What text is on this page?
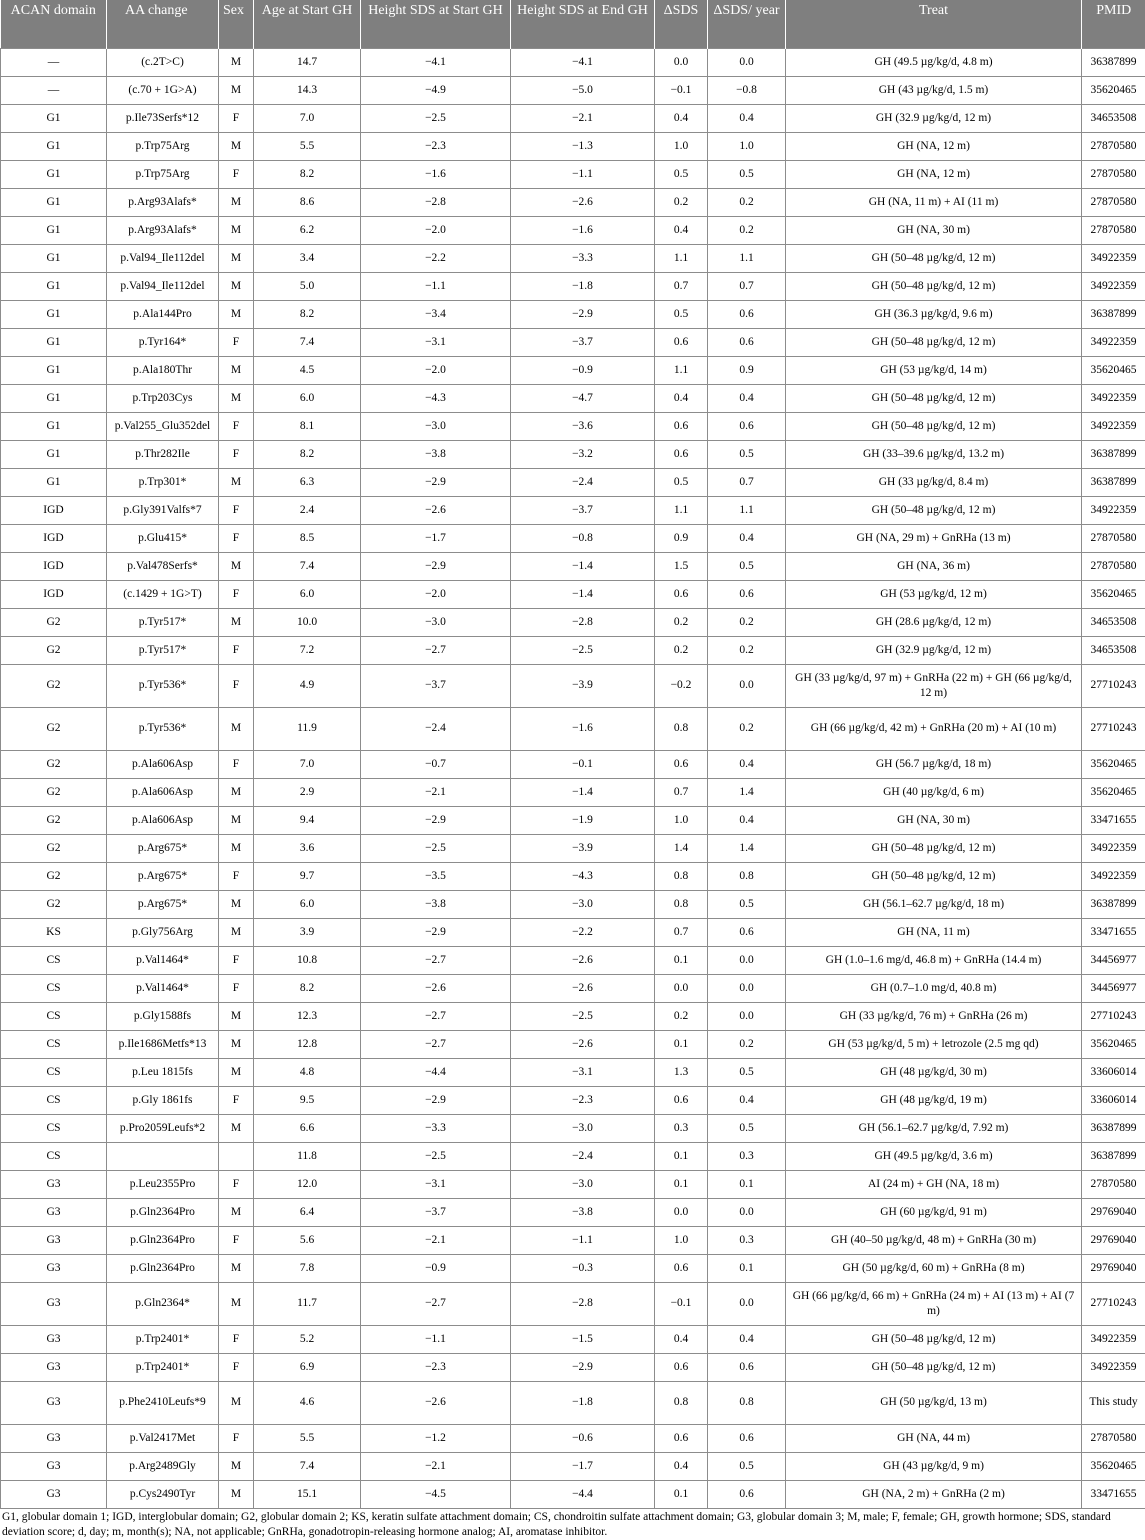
ACAN domain	AA change	Sex	Age at Start GH	Height SDS at Start GH	Height SDS at End GH	ΔSDS	ΔSDS/ year	Treat	PMID
—	(c.2T>C)	M	14.7	−4.1	−4.1	0.0	0.0	GH (49.5 µg/kg/d, 4.8 m)	36387899
—	(c.70 + 1G>A)	M	14.3	−4.9	−5.0	−0.1	−0.8	GH (43 µg/kg/d, 1.5 m)	35620465
G1	p.Ile73Serfs*12	F	7.0	−2.5	−2.1	0.4	0.4	GH (32.9 µg/kg/d, 12 m)	34653508
G1	p.Trp75Arg	M	5.5	−2.3	−1.3	1.0	1.0	GH (NA, 12 m)	27870580
G1	p.Trp75Arg	F	8.2	−1.6	−1.1	0.5	0.5	GH (NA, 12 m)	27870580
G1	p.Arg93Alafs*	M	8.6	−2.8	−2.6	0.2	0.2	GH (NA, 11 m) + AI (11 m)	27870580
G1	p.Arg93Alafs*	M	6.2	−2.0	−1.6	0.4	0.2	GH (NA, 30 m)	27870580
G1	p.Val94_Ile112del	M	3.4	−2.2	−3.3	1.1	1.1	GH (50–48 µg/kg/d, 12 m)	34922359
G1	p.Val94_Ile112del	M	5.0	−1.1	−1.8	0.7	0.7	GH (50–48 µg/kg/d, 12 m)	34922359
G1	p.Ala144Pro	M	8.2	−3.4	−2.9	0.5	0.6	GH (36.3 µg/kg/d, 9.6 m)	36387899
G1	p.Tyr164*	F	7.4	−3.1	−3.7	0.6	0.6	GH (50–48 µg/kg/d, 12 m)	34922359
G1	p.Ala180Thr	M	4.5	−2.0	−0.9	1.1	0.9	GH (53 µg/kg/d, 14 m)	35620465
G1	p.Trp203Cys	M	6.0	−4.3	−4.7	0.4	0.4	GH (50–48 µg/kg/d, 12 m)	34922359
G1	p.Val255_Glu352del	F	8.1	−3.0	−3.6	0.6	0.6	GH (50–48 µg/kg/d, 12 m)	34922359
G1	p.Thr282Ile	F	8.2	−3.8	−3.2	0.6	0.5	GH (33–39.6 µg/kg/d, 13.2 m)	36387899
G1	p.Trp301*	M	6.3	−2.9	−2.4	0.5	0.7	GH (33 µg/kg/d, 8.4 m)	36387899
IGD	p.Gly391Valfs*7	F	2.4	−2.6	−3.7	1.1	1.1	GH (50–48 µg/kg/d, 12 m)	34922359
IGD	p.Glu415*	F	8.5	−1.7	−0.8	0.9	0.4	GH (NA, 29 m) + GnRHa (13 m)	27870580
IGD	p.Val478Serfs*	M	7.4	−2.9	−1.4	1.5	0.5	GH (NA, 36 m)	27870580
IGD	(c.1429 + 1G>T)	F	6.0	−2.0	−1.4	0.6	0.6	GH (53 µg/kg/d, 12 m)	35620465
G2	p.Tyr517*	M	10.0	−3.0	−2.8	0.2	0.2	GH (28.6 µg/kg/d, 12 m)	34653508
G2	p.Tyr517*	F	7.2	−2.7	−2.5	0.2	0.2	GH (32.9 µg/kg/d, 12 m)	34653508
G2	p.Tyr536*	F	4.9	−3.7	−3.9	−0.2	0.0	GH (33 µg/kg/d, 97 m) + GnRHa (22 m) + GH (66 µg/kg/d, 12 m)	27710243
G2	p.Tyr536*	M	11.9	−2.4	−1.6	0.8	0.2	GH (66 µg/kg/d, 42 m) + GnRHa (20 m) + AI (10 m)	27710243
G2	p.Ala606Asp	F	7.0	−0.7	−0.1	0.6	0.4	GH (56.7 µg/kg/d, 18 m)	35620465
G2	p.Ala606Asp	M	2.9	−2.1	−1.4	0.7	1.4	GH (40 µg/kg/d, 6 m)	35620465
G2	p.Ala606Asp	M	9.4	−2.9	−1.9	1.0	0.4	GH (NA, 30 m)	33471655
G2	p.Arg675*	M	3.6	−2.5	−3.9	1.4	1.4	GH (50–48 µg/kg/d, 12 m)	34922359
G2	p.Arg675*	F	9.7	−3.5	−4.3	0.8	0.8	GH (50–48 µg/kg/d, 12 m)	34922359
G2	p.Arg675*	M	6.0	−3.8	−3.0	0.8	0.5	GH (56.1–62.7 µg/kg/d, 18 m)	36387899
KS	p.Gly756Arg	M	3.9	−2.9	−2.2	0.7	0.6	GH (NA, 11 m)	33471655
CS	p.Val1464*	F	10.8	−2.7	−2.6	0.1	0.0	GH (1.0–1.6 mg/d, 46.8 m) + GnRHa (14.4 m)	34456977
CS	p.Val1464*	F	8.2	−2.6	−2.6	0.0	0.0	GH (0.7–1.0 mg/d, 40.8 m)	34456977
CS	p.Gly1588fs	M	12.3	−2.7	−2.5	0.2	0.0	GH (33 µg/kg/d, 76 m) + GnRHa (26 m)	27710243
CS	p.Ile1686Metfs*13	M	12.8	−2.7	−2.6	0.1	0.2	GH (53 µg/kg/d, 5 m) + letrozole (2.5 mg qd)	35620465
CS	p.Leu 1815fs	M	4.8	−4.4	−3.1	1.3	0.5	GH (48 µg/kg/d, 30 m)	33606014
CS	p.Gly 1861fs	F	9.5	−2.9	−2.3	0.6	0.4	GH (48 µg/kg/d, 19 m)	33606014
CS	p.Pro2059Leufs*2	M	6.6	−3.3	−3.0	0.3	0.5	GH (56.1–62.7 µg/kg/d, 7.92 m)	36387899
CS			11.8	−2.5	−2.4	0.1	0.3	GH (49.5 µg/kg/d, 3.6 m)	36387899
G3	p.Leu2355Pro	F	12.0	−3.1	−3.0	0.1	0.1	AI (24 m) + GH (NA, 18 m)	27870580
G3	p.Gln2364Pro	M	6.4	−3.7	−3.8	0.0	0.0	GH (60 µg/kg/d, 91 m)	29769040
G3	p.Gln2364Pro	F	5.6	−2.1	−1.1	1.0	0.3	GH (40–50 µg/kg/d, 48 m) + GnRHa (30 m)	29769040
G3	p.Gln2364Pro	M	7.8	−0.9	−0.3	0.6	0.1	GH (50 µg/kg/d, 60 m) + GnRHa (8 m)	29769040
G3	p.Gln2364*	M	11.7	−2.7	−2.8	−0.1	0.0	GH (66 µg/kg/d, 66 m) + GnRHa (24 m) + AI (13 m) + AI (7 m)	27710243
G3	p.Trp2401*	F	5.2	−1.1	−1.5	0.4	0.4	GH (50–48 µg/kg/d, 12 m)	34922359
G3	p.Trp2401*	F	6.9	−2.3	−2.9	0.6	0.6	GH (50–48 µg/kg/d, 12 m)	34922359
G3	p.Phe2410Leufs*9	M	4.6	−2.6	−1.8	0.8	0.8	GH (50 µg/kg/d, 13 m)	This study
G3	p.Val2417Met	F	5.5	−1.2	−0.6	0.6	0.6	GH (NA, 44 m)	27870580
G3	p.Arg2489Gly	M	7.4	−2.1	−1.7	0.4	0.5	GH (43 µg/kg/d, 9 m)	35620465
G3	p.Cys2490Tyr	M	15.1	−4.5	−4.4	0.1	0.6	GH (NA, 2 m) + GnRHa (2 m)	33471655
G1, globular domain 1; IGD, interglobular domain; G2, globular domain 2; KS, keratin sulfate attachment domain; CS, chondroitin sulfate attachment domain; G3, globular domain 3; M, male; F, female; GH, growth hormone; SDS, standard deviation score; d, day; m, month(s); NA, not applicable; GnRHa, gonadotropin-releasing hormone analog; AI, aromatase inhibitor.
